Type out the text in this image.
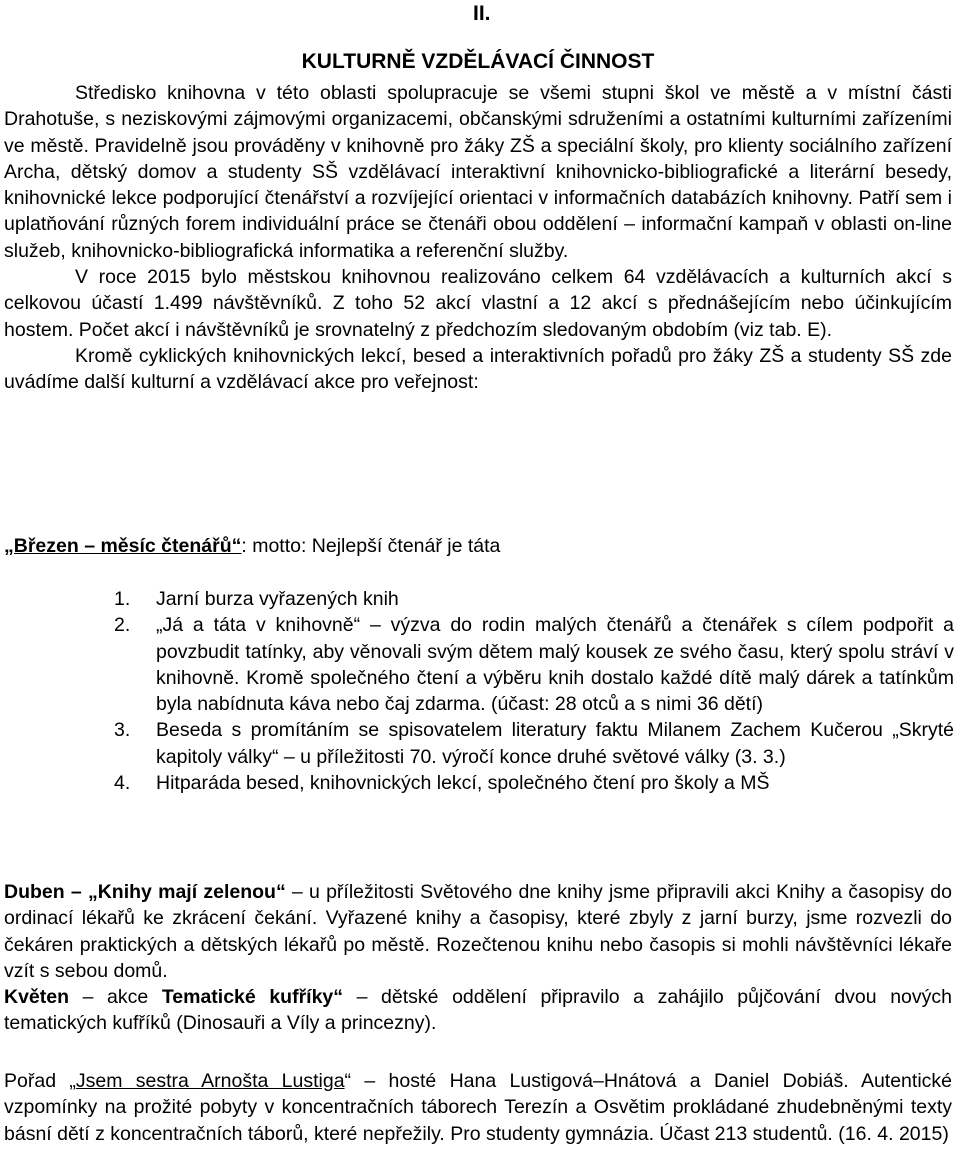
II.
KULTURNĚ VZDĚLÁVACÍ ČINNOST

Středisko knihovna v této oblasti spolupracuje se všemi stupni škol ve městě a v místní části Drahotuše, s neziskovými zájmovými organizacemi, občanskými sdruženími a ostatními kulturními zařízeními ve městě. Pravidelně jsou prováděny v knihovně pro žáky ZŠ a speciální školy, pro klienty sociálního zařízení Archa, dětský domov a studenty SŠ vzdělávací interaktivní knihovnicko-bibliografické a literární besedy, knihovnické lekce podporující čtenářství a rozvíjející orientaci v informačních databázích knihovny. Patří sem i uplatňování různých forem individuální práce se čtenáři obou oddělení – informační kampaň v oblasti on-line služeb, knihovnicko-bibliografická informatika a referenční služby.

V roce 2015 bylo městskou knihovnou realizováno celkem 64 vzdělávacích a kulturních akcí s celkovou účastí 1.499 návštěvníků. Z toho 52 akcí vlastní a 12 akcí s přednášejícím nebo účinkujícím hostem. Počet akcí i návštěvníků je srovnatelný z předchozím sledovaným obdobím (viz tab. E).

Kromě cyklických knihovnických lekcí, besed a interaktivních pořadů pro žáky ZŠ a studenty SŠ zde uvádíme další kulturní a vzdělávací akce pro veřejnost:

„Březen – měsíc čtenářů“: motto: Nejlepší čtenář je táta
1. Jarní burza vyřazených knih
2. „Já a táta v knihovně“ – výzva do rodin malých čtenářů a čtenářek s cílem podpořit a povzbudit tatínky, aby věnovali svým dětem malý kousek ze svého času, který spolu stráví v knihovně. Kromě společného čtení a výběru knih dostalo každé dítě malý dárek a tatínkům byla nabídnuta káva nebo čaj zdarma. (účast: 28 otců a s nimi 36 dětí)
3. Beseda s promítáním se spisovatelem literatury faktu Milanem Zachem Kučerou „Skryté kapitoly války“ – u příležitosti 70. výročí konce druhé světové války (3. 3.)
4. Hitparáda besed, knihovnických lekcí, společného čtení pro školy a MŠ

Duben – „Knihy mají zelenou“ – u příležitosti Světového dne knihy jsme připravili akci Knihy a časopisy do ordinací lékařů ke zkrácení čekání. Vyřazené knihy a časopisy, které zbyly z jarní burzy, jsme rozvezli do čekáren praktických a dětských lékařů po městě. Rozečtenou knihu nebo časopis si mohli návštěvníci lékaře vzít s sebou domů.

Květen – akce Tematické kufříky“ – dětské oddělení připravilo a zahájilo půjčování dvou nových tematických kufříků (Dinosauři a Víly a princezny).

Pořad „Jsem sestra Arnošta Lustiga“ – hosté Hana Lustigová–Hnátová a Daniel Dobiáš. Autentické vzpomínky na prožité pobyty v koncentračních táborech Terezín a Osvětim prokládané zhudebněnými texty básní dětí z koncentračních táborů, které nepřežily. Pro studenty gymnázia. Účast 213 studentů. (16. 4. 2015)
